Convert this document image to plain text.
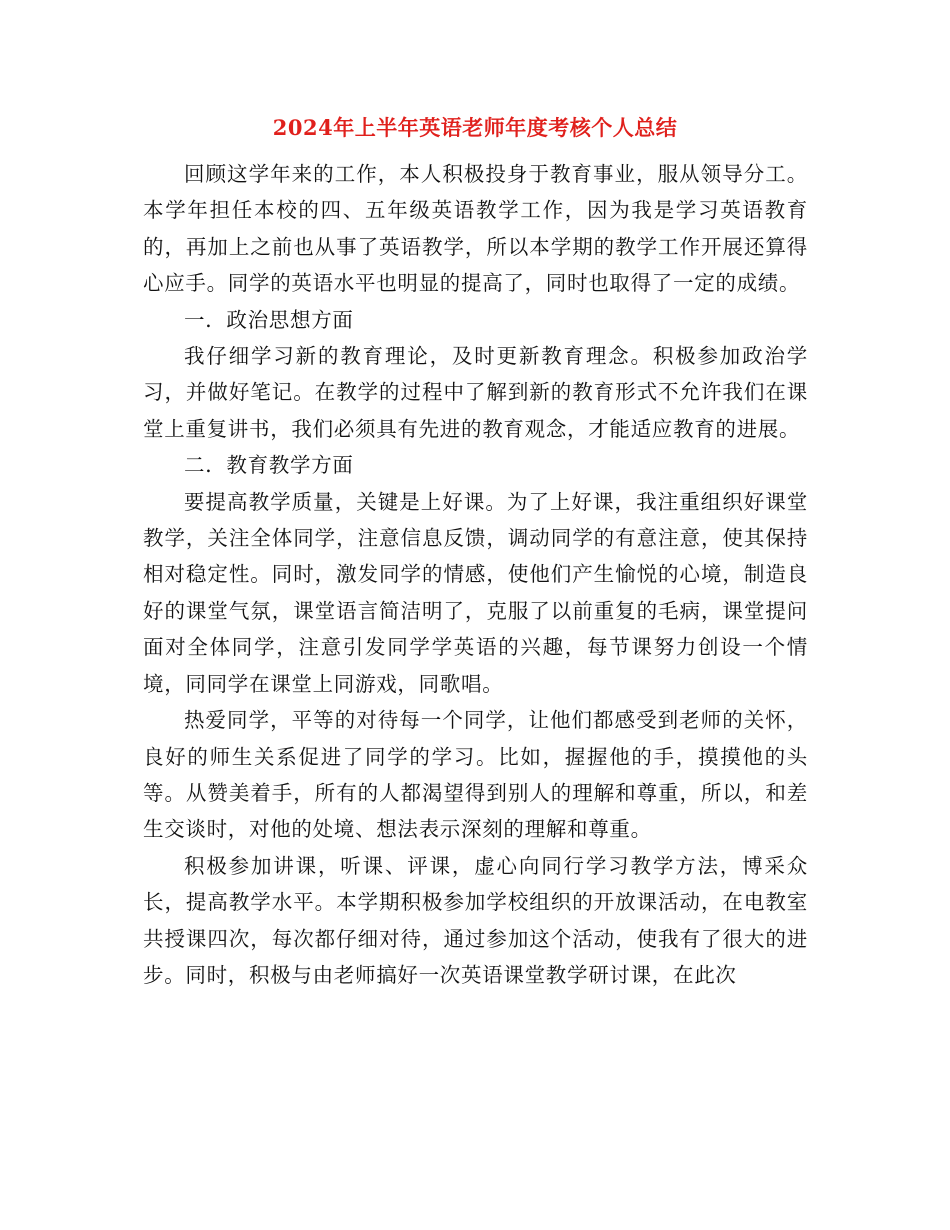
2024年上半年英语老师年度考核个人总结

回顾这学年来的工作，本人积极投身于教育事业，服从领导分工。本学年担任本校的四、五年级英语教学工作，因为我是学习英语教育的，再加上之前也从事了英语教学，所以本学期的教学工作开展还算得心应手。同学的英语水平也明显的提高了，同时也取得了一定的成绩。

一．政治思想方面

我仔细学习新的教育理论，及时更新教育理念。积极参加政治学习，并做好笔记。在教学的过程中了解到新的教育形式不允许我们在课堂上重复讲书，我们必须具有先进的教育观念，才能适应教育的进展。

二．教育教学方面

要提高教学质量，关键是上好课。为了上好课，我注重组织好课堂教学，关注全体同学，注意信息反馈，调动同学的有意注意，使其保持相对稳定性。同时，激发同学的情感，使他们产生愉悦的心境，制造良好的课堂气氛，课堂语言简洁明了，克服了以前重复的毛病，课堂提问面对全体同学，注意引发同学学英语的兴趣，每节课努力创设一个情境，同同学在课堂上同游戏，同歌唱。

热爱同学，平等的对待每一个同学，让他们都感受到老师的关怀，良好的师生关系促进了同学的学习。比如，握握他的手，摸摸他的头等。从赞美着手，所有的人都渴望得到别人的理解和尊重，所以，和差生交谈时，对他的处境、想法表示深刻的理解和尊重。

积极参加讲课，听课、评课，虚心向同行学习教学方法，博采众长，提高教学水平。本学期积极参加学校组织的开放课活动，在电教室共授课四次，每次都仔细对待，通过参加这个活动，使我有了很大的进步。同时，积极与由老师搞好一次英语课堂教学研讨课，在此次
